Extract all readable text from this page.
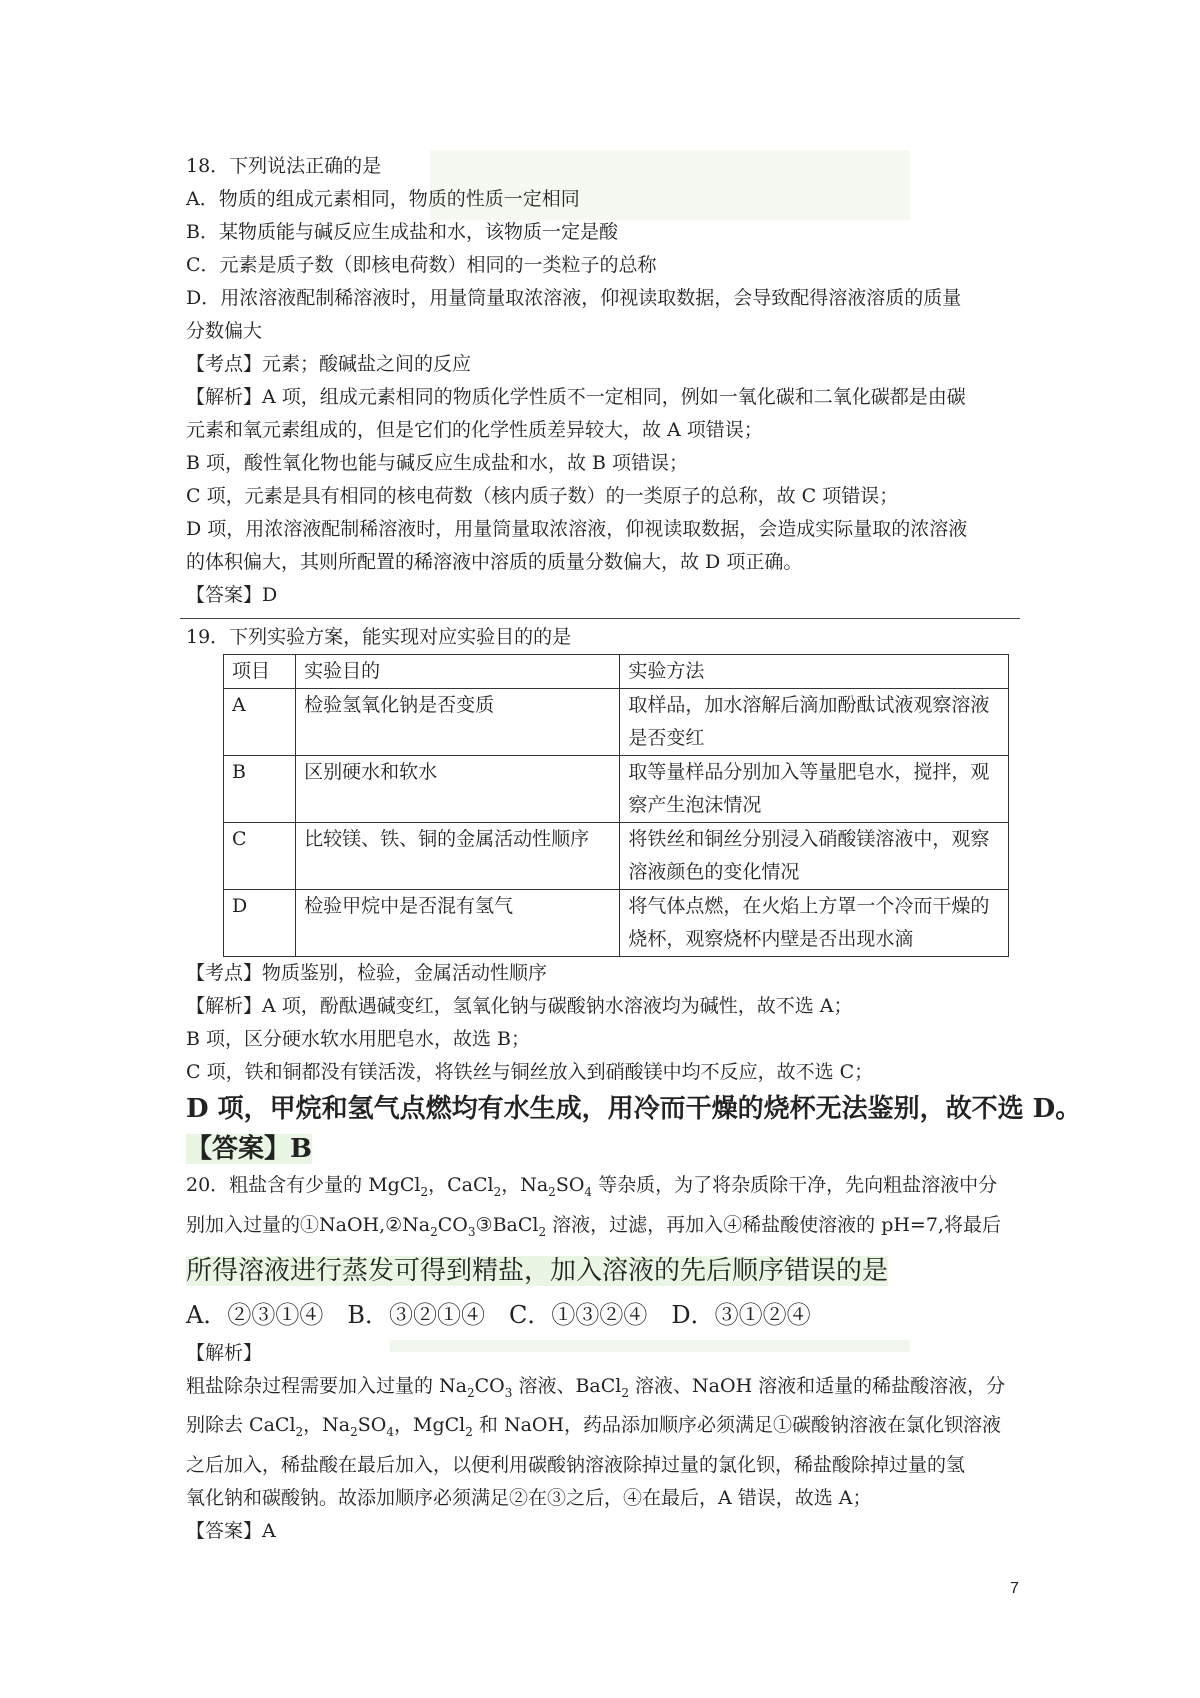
18．下列说法正确的是
A．物质的组成元素相同，物质的性质一定相同
B．某物质能与碱反应生成盐和水，该物质一定是酸
C．元素是质子数（即核电荷数）相同的一类粒子的总称
D．用浓溶液配制稀溶液时，用量筒量取浓溶液，仰视读取数据，会导致配得溶液溶质的质量
分数偏大
【考点】元素；酸碱盐之间的反应
【解析】A 项，组成元素相同的物质化学性质不一定相同，例如一氧化碳和二氧化碳都是由碳
元素和氧元素组成的，但是它们的化学性质差异较大，故 A 项错误；
B 项，酸性氧化物也能与碱反应生成盐和水，故 B 项错误；
C 项，元素是具有相同的核电荷数（核内质子数）的一类原子的总称，故 C 项错误；
D 项，用浓溶液配制稀溶液时，用量筒量取浓溶液，仰视读取数据，会造成实际量取的浓溶液
的体积偏大，其则所配置的稀溶液中溶质的质量分数偏大，故 D 项正确。
【答案】D
19．下列实验方案，能实现对应实验目的的是
项目	实验目的	实验方法
A	检验氢氧化钠是否变质	取样品，加水溶解后滴加酚酞试液观察溶液是否变红
B	区别硬水和软水	取等量样品分别加入等量肥皂水，搅拌，观察产生泡沫情况
C	比较镁、铁、铜的金属活动性顺序	将铁丝和铜丝分别浸入硝酸镁溶液中，观察溶液颜色的变化情况
D	检验甲烷中是否混有氢气	将气体点燃，在火焰上方罩一个冷而干燥的烧杯，观察烧杯内壁是否出现水滴
【考点】物质鉴别，检验，金属活动性顺序
【解析】A 项，酚酞遇碱变红，氢氧化钠与碳酸钠水溶液均为碱性，故不选 A；
B 项，区分硬水软水用肥皂水，故选 B；
C 项，铁和铜都没有镁活泼，将铁丝与铜丝放入到硝酸镁中均不反应，故不选 C；
D 项，甲烷和氢气点燃均有水生成，用冷而干燥的烧杯无法鉴别，故不选 D。
【答案】B
20．粗盐含有少量的 MgCl$_2$，CaCl$_2$，$Na_2SO_4$ 等杂质，为了将杂质除干净，先向粗盐溶液中分
别加入过量的$①NaOH,②Na_2CO_3③BaCl_2$ 溶液，过滤，再加入④稀盐酸使溶液的 pH=7,将最后
所得溶液进行蒸发可得到精盐，加入溶液的先后顺序错误的是
A．②③①④　B．③②①④　C．①③②④　D．③①②④
【解析】
粗盐除杂过程需要加入过量的 $Na_2CO_3$ 溶液、BaCl$_2$ 溶液、NaOH 溶液和适量的稀盐酸溶液，分
别除去 CaCl$_2$，$Na_2SO_4$，MgCl$_2$ 和 NaOH，药品添加顺序必须满足①碳酸钠溶液在氯化钡溶液
之后加入，稀盐酸在最后加入，以便利用碳酸钠溶液除掉过量的氯化钡，稀盐酸除掉过量的氢
氧化钠和碳酸钠。故添加顺序必须满足②在③之后，④在最后，A 错误，故选 A；
【答案】A
7
